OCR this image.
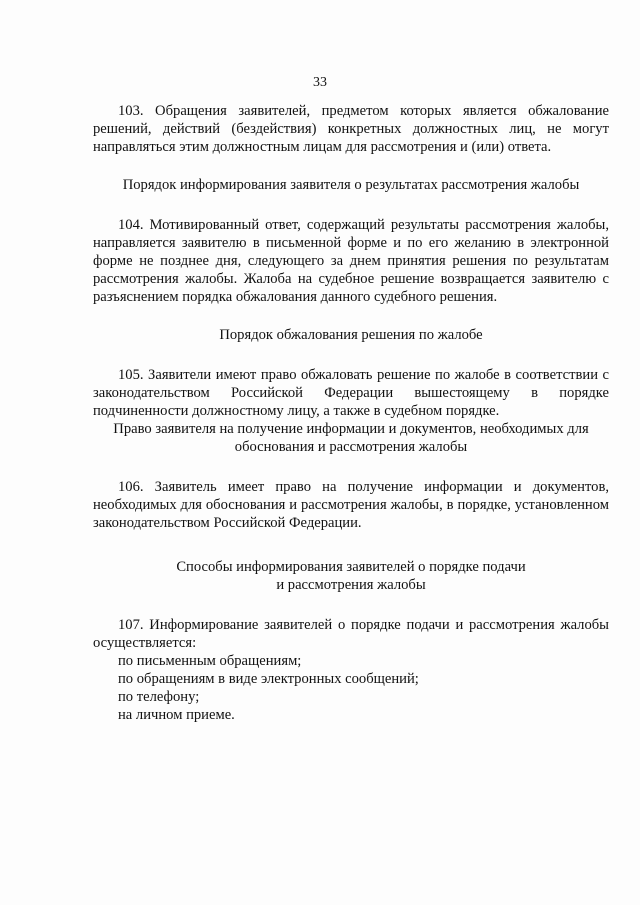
33

103. Обращения заявителей, предметом которых является обжалование решений, действий (бездействия) конкретных должностных лиц, не могут направляться этим должностным лицам для рассмотрения и (или) ответа.

Порядок информирования заявителя о результатах рассмотрения жалобы

104. Мотивированный ответ, содержащий результаты рассмотрения жалобы, направляется заявителю в письменной форме и по его желанию в электронной форме не позднее дня, следующего за днем принятия решения по результатам рассмотрения жалобы. Жалоба на судебное решение возвращается заявителю с разъяснением порядка обжалования данного судебного решения.

Порядок обжалования решения по жалобе

105. Заявители имеют право обжаловать решение по жалобе в соответствии с законодательством Российской Федерации вышестоящему в порядке подчиненности должностному лицу, а также в судебном порядке.

Право заявителя на получение информации и документов, необходимых для
обоснования и рассмотрения жалобы

106. Заявитель имеет право на получение информации и документов, необходимых для обоснования и рассмотрения жалобы, в порядке, установленном законодательством Российской Федерации.

Способы информирования заявителей о порядке подачи
и рассмотрения жалобы

107. Информирование заявителей о порядке подачи и рассмотрения жалобы осуществляется:

по письменным обращениям;
по обращениям в виде электронных сообщений;
по телефону;
на личном приеме.
